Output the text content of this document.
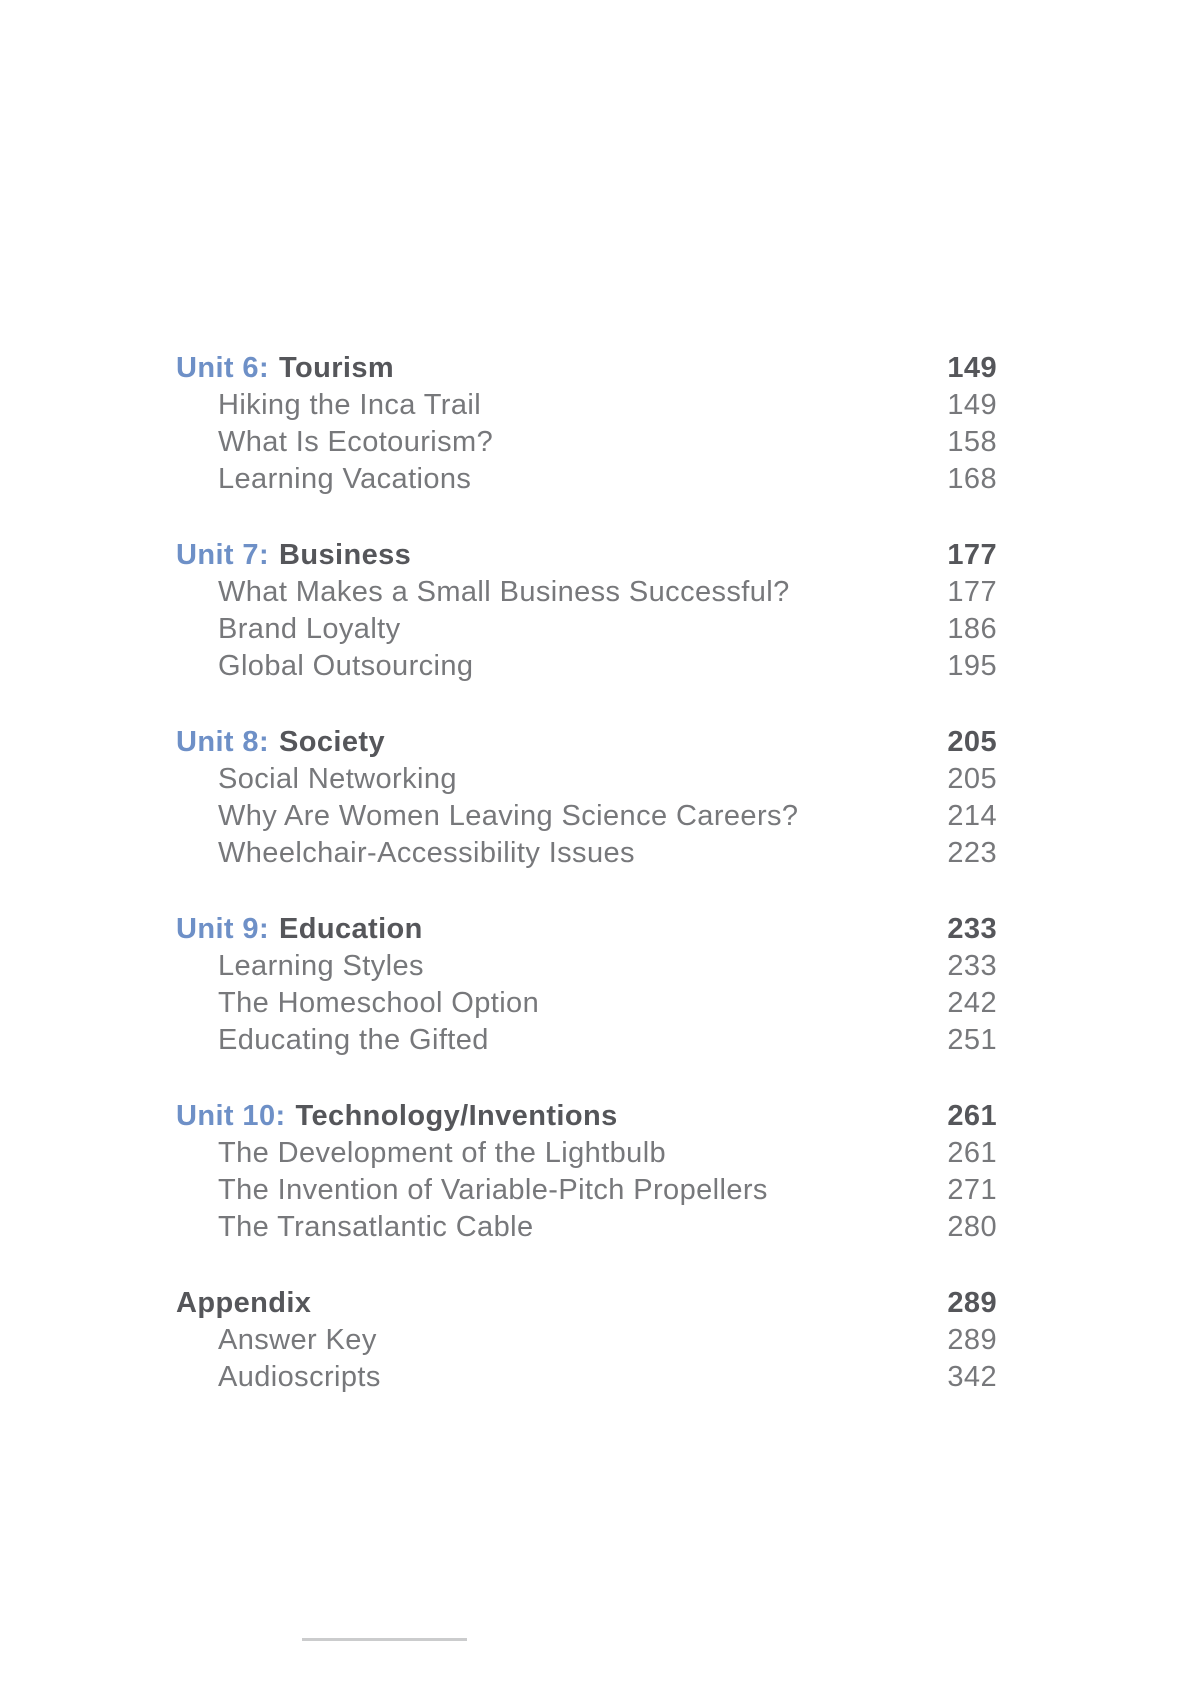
Unit 6: Tourism	149
Hiking the Inca Trail	149
What Is Ecotourism?	158
Learning Vacations	168
Unit 7: Business	177
What Makes a Small Business Successful?	177
Brand Loyalty	186
Global Outsourcing	195
Unit 8: Society	205
Social Networking	205
Why Are Women Leaving Science Careers?	214
Wheelchair-Accessibility Issues	223
Unit 9: Education	233
Learning Styles	233
The Homeschool Option	242
Educating the Gifted	251
Unit 10: Technology/Inventions	261
The Development of the Lightbulb	261
The Invention of Variable-Pitch Propellers	271
The Transatlantic Cable	280
Appendix	289
Answer Key	289
Audioscripts	342
